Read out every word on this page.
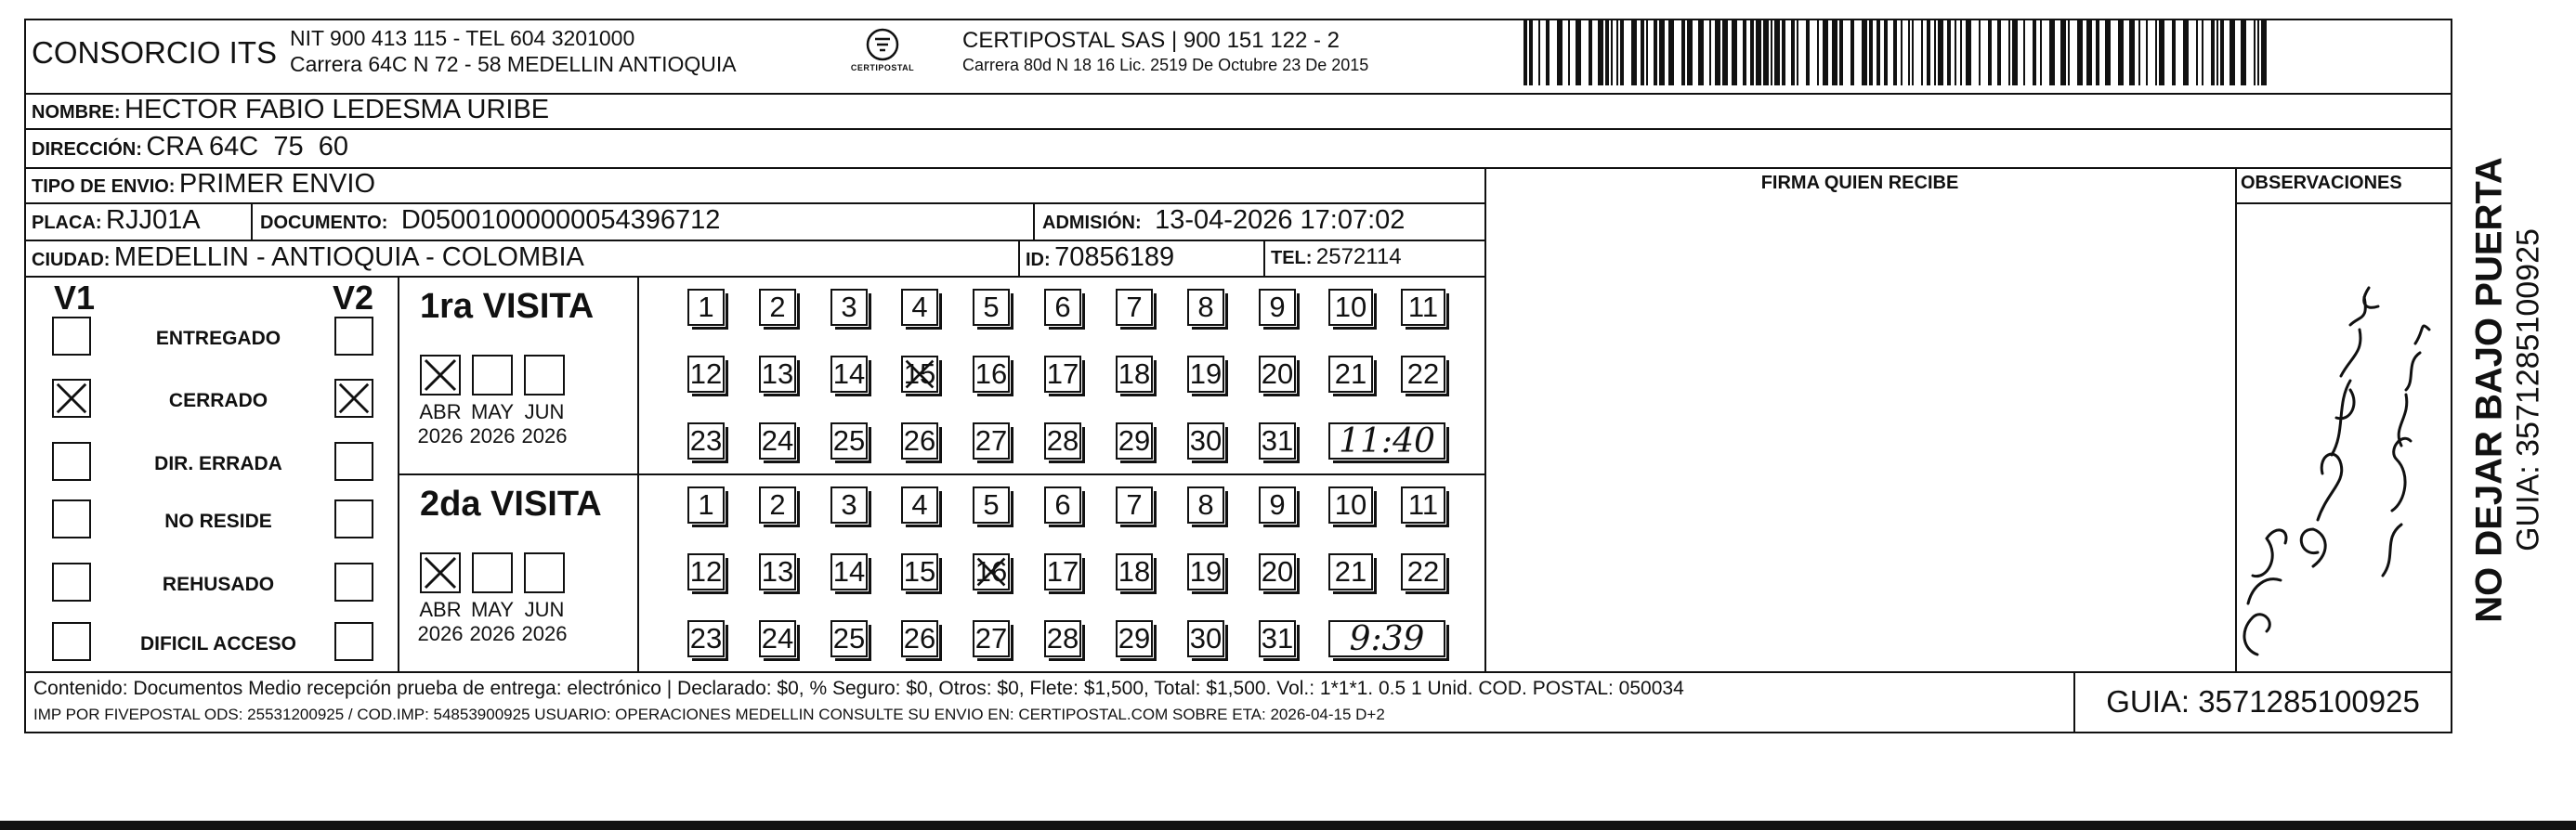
CONSORCIO ITS NIT 900 413 115 - TEL 604 3201000
Carrera 64C N 72 - 58 MEDELLIN ANTIOQUIA	CERTIPOSTAL
CERTIPOSTAL SAS | 900 151 122 - 2
Carrera 80d N 18 16 Lic. 2519 De Octubre 23 De 2015
NOMBRE: HECTOR FABIO LEDESMA URIBE
DIRECCIÓN: CRA 64C  75  60
TIPO DE ENVIO: PRIMER ENVIO	FIRMA QUIEN RECIBE	OBSERVACIONES
PLACA: RJJ01A	DOCUMENTO: D05001000000054396712	ADMISIÓN: 13-04-2026 17:07:02
CIUDAD: MEDELLIN - ANTIOQUIA - COLOMBIA	ID: 70856189	TEL: 2572114
V1	V2
ENTREGADO
CERRADO
DIR. ERRADA
NO RESIDE
REHUSADO
DIFICIL ACCESO
1ra VISITA
ABR
2026
MAY
2026
JUN
2026
1 2 3 4 5 6 7 8 9 10 11
12 13 14 15 16 17 18 19 20 21 22
23 24 25 26 27 28 29 30 31	11:40
2da VISITA
ABR
2026
MAY
2026
JUN
2026
1 2 3 4 5 6 7 8 9 10 11
12 13 14 15 16 17 18 19 20 21 22
23 24 25 26 27 28 29 30 31	9:39
Contenido: Documentos Medio recepción prueba de entrega: electrónico | Declarado: $0, % Seguro: $0, Otros: $0, Flete: $1,500, Total: $1,500. Vol.: 1*1*1. 0.5 1 Unid. COD. POSTAL: 050034
IMP POR FIVEPOSTAL ODS: 25531200925 / COD.IMP: 54853900925 USUARIO: OPERACIONES MEDELLIN CONSULTE SU ENVIO EN: CERTIPOSTAL.COM SOBRE ETA: 2026-04-15 D+2	GUIA: 3571285100925
NO DEJAR BAJO PUERTA GUIA: 3571285100925
